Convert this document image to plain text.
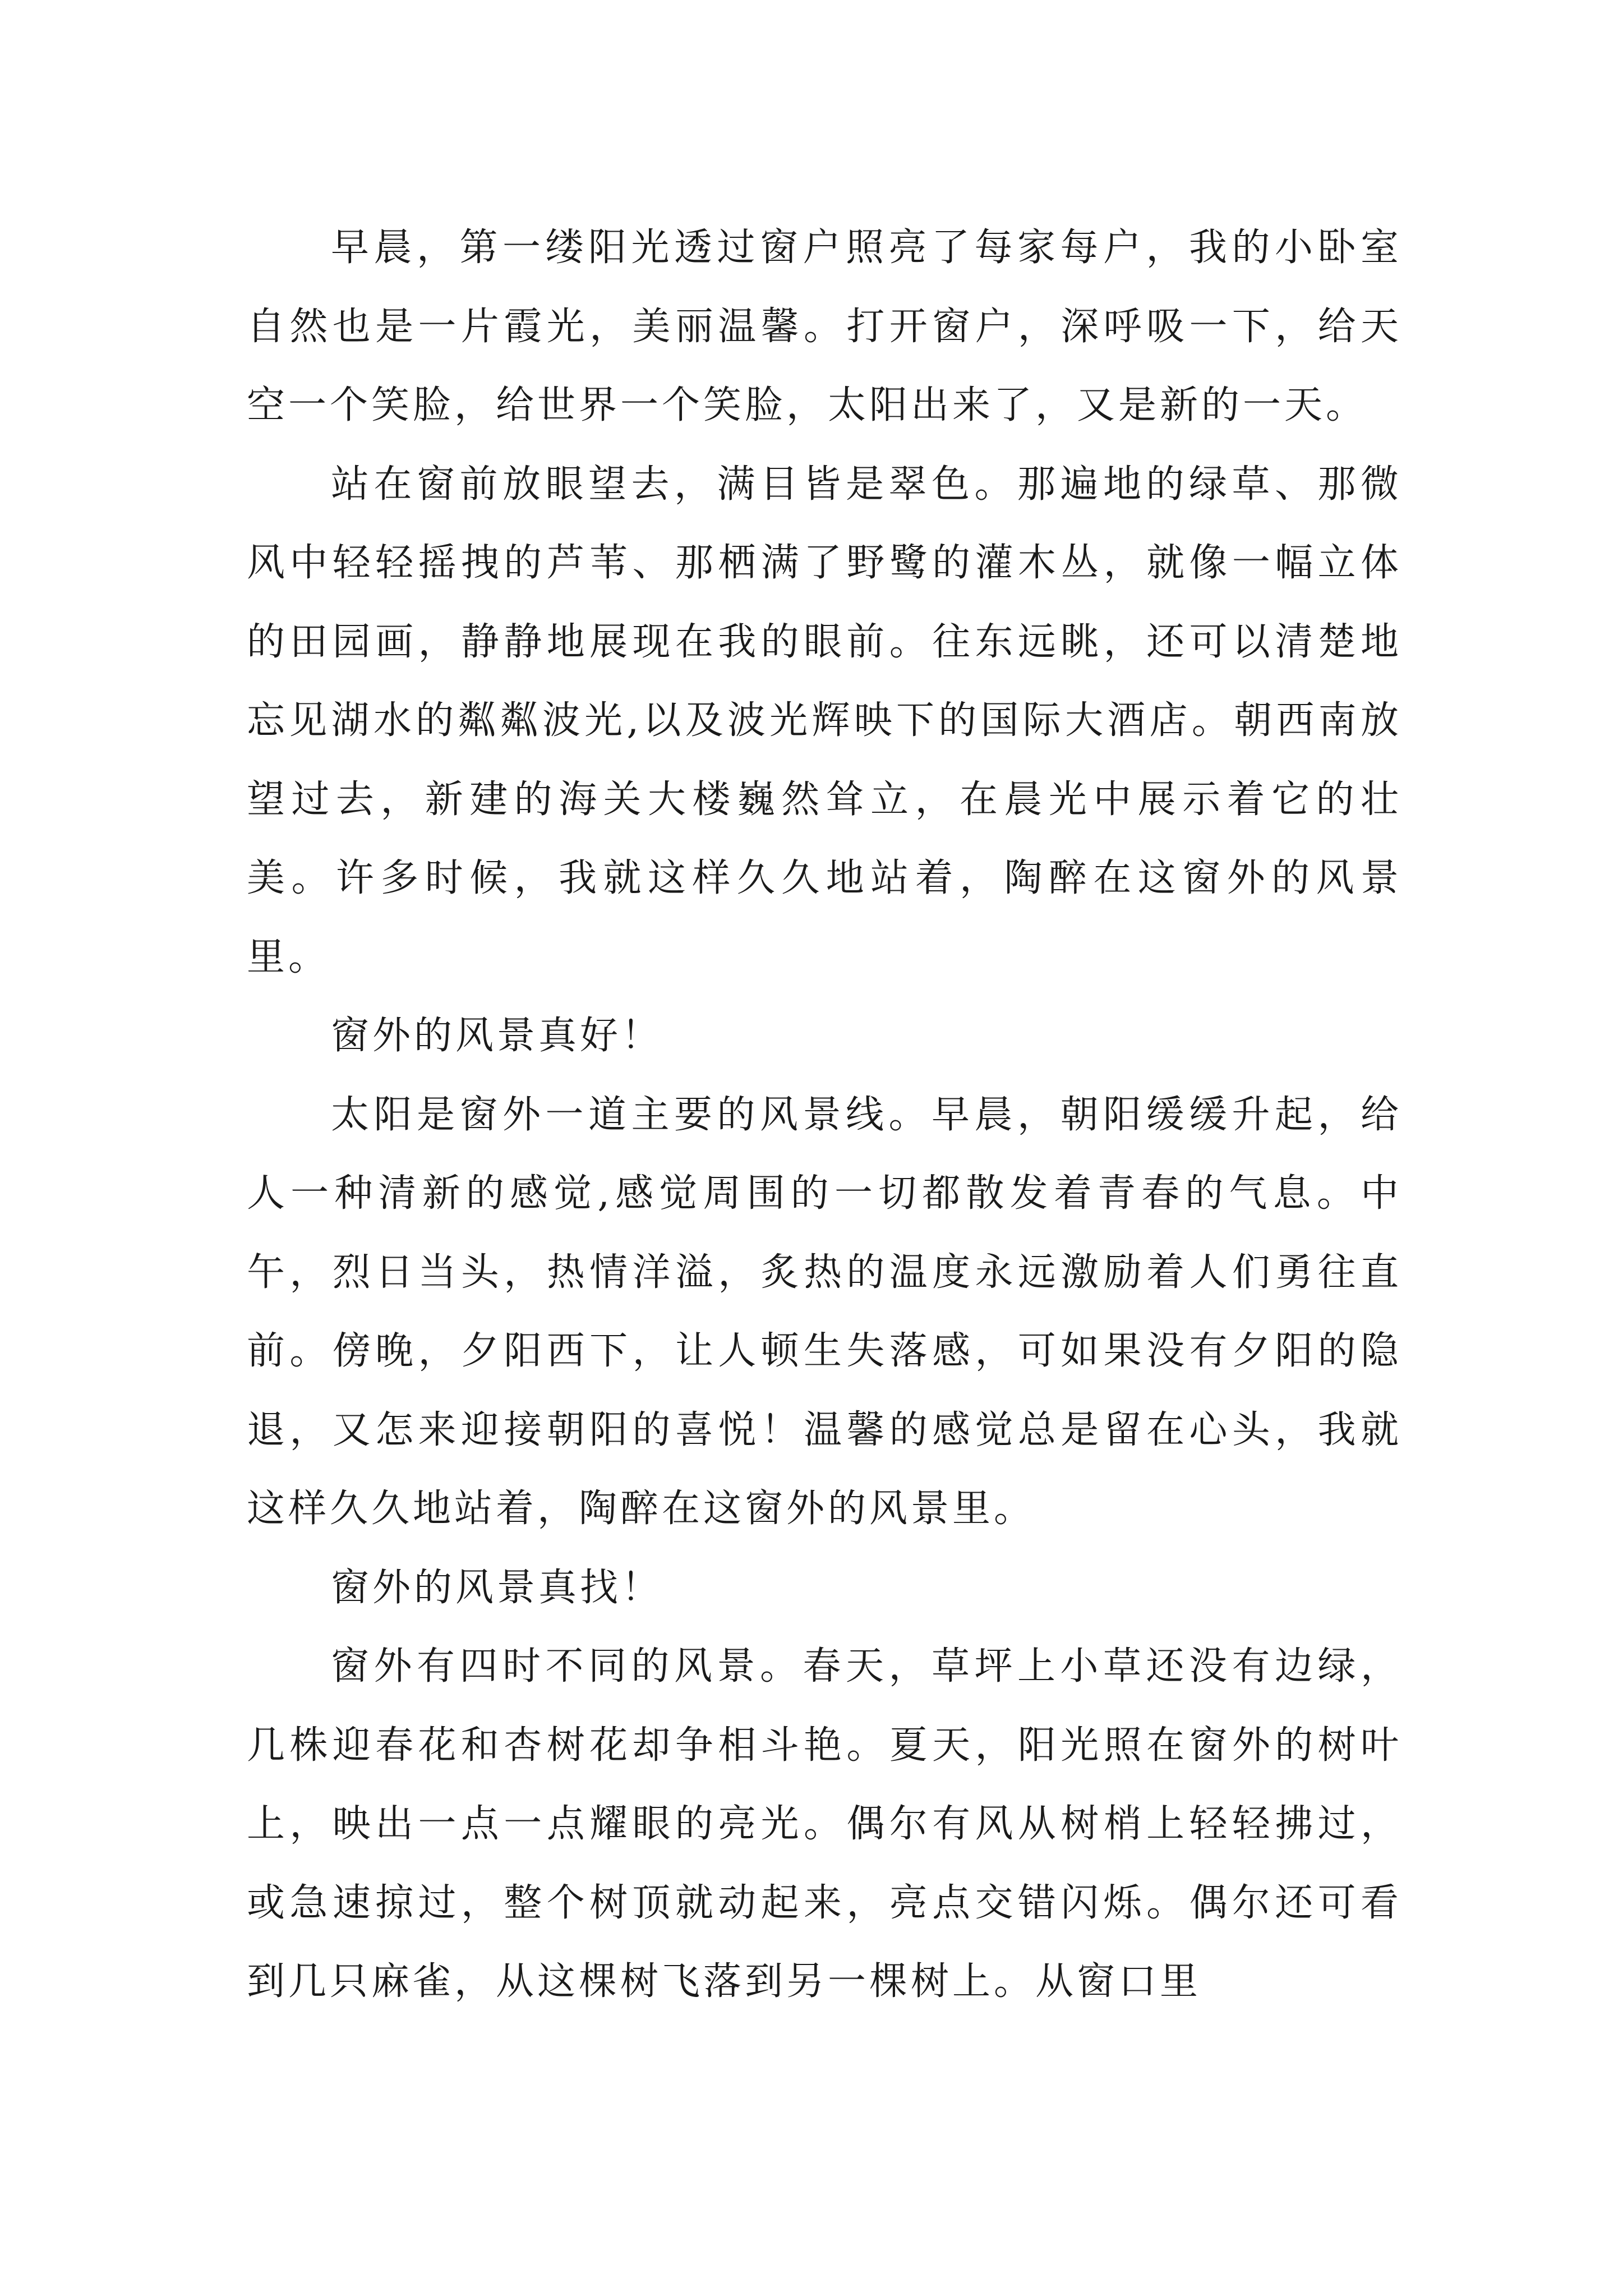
早晨，第一缕阳光透过窗户照亮了每家每户，我的小卧室自然也是一片霞光，美丽温馨。打开窗户，深呼吸一下，给天空一个笑脸，给世界一个笑脸，太阳出来了，又是新的一天。

站在窗前放眼望去，满目皆是翠色。那遍地的绿草、那微风中轻轻摇拽的芦苇、那栖满了野鹭的灌木丛，就像一幅立体的田园画，静静地展现在我的眼前。往东远眺，还可以清楚地忘见湖水的粼粼波光,以及波光辉映下的国际大酒店。朝西南放望过去，新建的海关大楼巍然耸立，在晨光中展示着它的壮美。许多时候，我就这样久久地站着，陶醉在这窗外的风景里。

窗外的风景真好！

太阳是窗外一道主要的风景线。早晨，朝阳缓缓升起，给人一种清新的感觉,感觉周围的一切都散发着青春的气息。中午，烈日当头，热情洋溢，炙热的温度永远激励着人们勇往直前。傍晚，夕阳西下，让人顿生失落感，可如果没有夕阳的隐退，又怎来迎接朝阳的喜悦！温馨的感觉总是留在心头，我就这样久久地站着，陶醉在这窗外的风景里。

窗外的风景真找！

窗外有四时不同的风景。春天，草坪上小草还没有边绿，几株迎春花和杏树花却争相斗艳。夏天，阳光照在窗外的树叶上，映出一点一点耀眼的亮光。偶尔有风从树梢上轻轻拂过，或急速掠过，整个树顶就动起来，亮点交错闪烁。偶尔还可看到几只麻雀，从这棵树飞落到另一棵树上。从窗口里
